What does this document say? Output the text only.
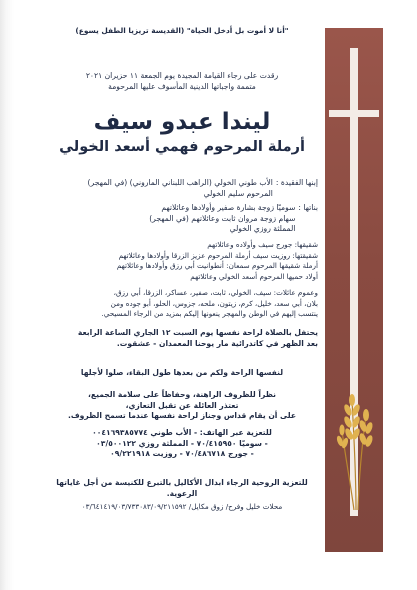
"أنا لا أموت بل أدخل الحياة" (القديسة تريزيا الطفل يسوع)
رقدت على رجاء القيامة المجيدة يوم الجمعة ١١ حزيران ٢٠٢١
متممة واجباتها الدينية المأسوف عليها المرحومة
ليندا عبدو سيف
أرملة المرحوم فهمي أسعد الخولي
إبنها الفقيدة :
الأب طوني الخولي (الراهب اللبناني الماروني) (في المهجر)
المرحوم سليم الخولي
بناتها :
سوميّا زوجة بشارة صفير وأولادها وعائلاتهم
سهام زوجة مروان ثابت وعائلاتهم (في المهجر)
المملثة روزي الخولي
شقيقها: جورج سيف وأولاده وعائلاتهم
شقيقتها: روزيت سيف أرملة المرحوم عزيز الزرقا وأولادها وعائلاتهم
أرملة شقيقها المرحوم سمعان: أنطوانيت أبي رزق وأولادها وعائلاتهم
أولاد حميها المرحوم أسعد الخولي وعائلاتهم
وعموم عائلات: سيف، الخولي، ثابت، صفير، عساكر، الزرقا، أبي رزق،
بلان، أبي سعد، خليل، كرم، زيتون، ملحه، جزوس، الحلو، أبو جوده ومن
ينتسب إليهم في الوطن والمهجر ينعونها إليكم بمزيد من الرجاء المسيحي.
يحتفل بالصلاة لراحة نفسها يوم السبت ١٢ الجاري الساعة الرابعة
بعد الظهر في كاتدرائية مار يوحنا المعمدان - عشقوت.
لنفسها الراحة ولكم من بعدها طول البقاء، صلوا لأجلها
نظراً للظروف الراهنة، وحفاظاً على سلامة الجميع،
تعتذر العائلة عن تقبل التعازي،
على أن يقام قداس وجناز لراحة نفسها عندما تسمح الظروف.
للتعزية عبر الهاتف: - الأب طوني ٠٠٤١٦٩٣٨٥٧٧٤
- سوميّا ٧٠/٤١٥٩٥٠ - المملثة روزي ٠٣/٥٠٠١٢٢
- جورج ٧٠/٤٨٦٧١٨ - روزيت ٠٩/٢٢١٩١٨
للتعزية الروحية الرجاء ابدال الأكاليل بالتبرع للكنيسة من أجل غاياتها الرعوية.
محلات خليل وفرح/ زوق مكايل/ ٠٣/٦٤١٤١٩/٠٣/٧٣٣٠٨٣/٠٩/٢١١٥٩٢
